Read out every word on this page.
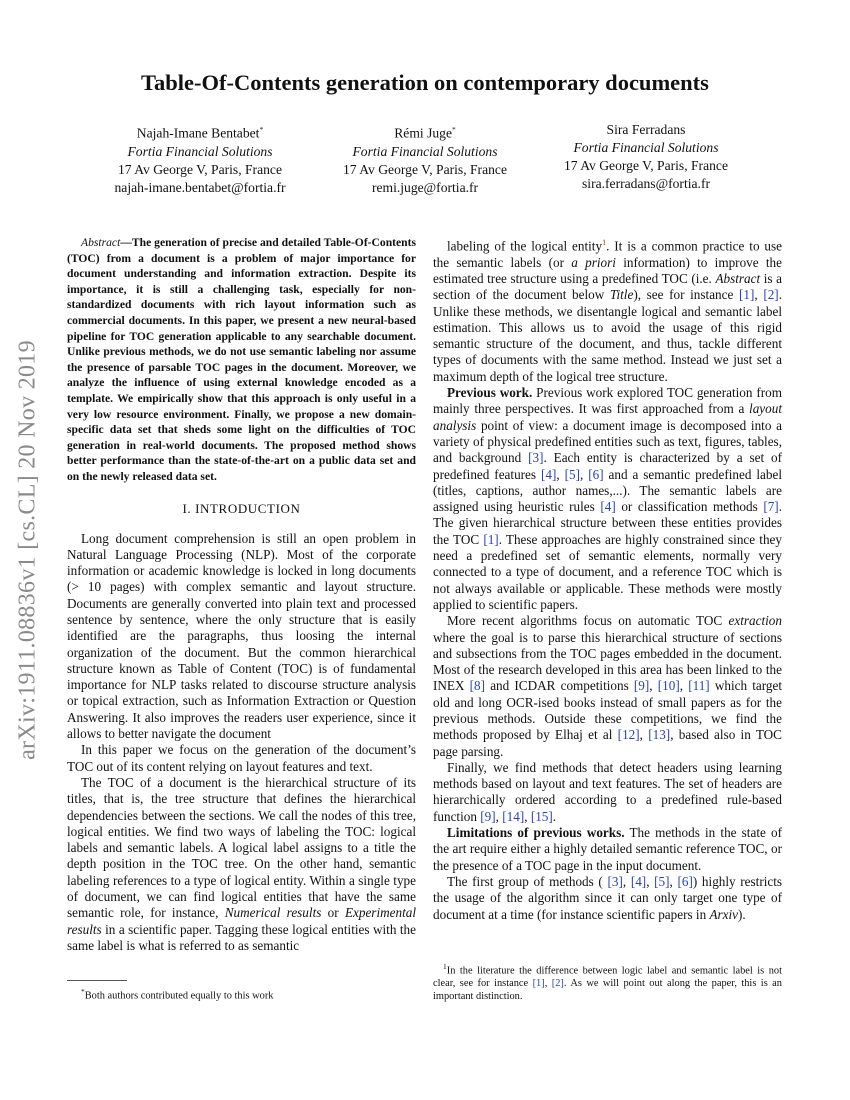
arXiv:1911.08836v1 [cs.CL] 20 Nov 2019
Table-Of-Contents generation on contemporary documents
Najah-Imane Bentabet*
Fortia Financial Solutions
17 Av George V, Paris, France
najah-imane.bentabet@fortia.fr
Rémi Juge*
Fortia Financial Solutions
17 Av George V, Paris, France
remi.juge@fortia.fr
Sira Ferradans
Fortia Financial Solutions
17 Av George V, Paris, France
sira.ferradans@fortia.fr

Abstract—The generation of precise and detailed Table-Of-Contents (TOC) from a document is a problem of major importance for document understanding and information extraction. Despite its importance, it is still a challenging task, especially for non-standardized documents with rich layout information such as commercial documents. In this paper, we present a new neural-based pipeline for TOC generation applicable to any searchable document. Unlike previous methods, we do not use semantic labeling nor assume the presence of parsable TOC pages in the document. Moreover, we analyze the influence of using external knowledge encoded as a template. We empirically show that this approach is only useful in a very low resource environment. Finally, we propose a new domain-specific data set that sheds some light on the difficulties of TOC generation in real-world documents. The proposed method shows better performance than the state-of-the-art on a public data set and on the newly released data set.

I. INTRODUCTION

Long document comprehension is still an open problem in Natural Language Processing (NLP). Most of the corporate information or academic knowledge is locked in long documents (> 10 pages) with complex semantic and layout structure. Documents are generally converted into plain text and processed sentence by sentence, where the only structure that is easily identified are the paragraphs, thus loosing the internal organization of the document. But the common hierarchical structure known as Table of Content (TOC) is of fundamental importance for NLP tasks related to discourse structure analysis or topical extraction, such as Information Extraction or Question Answering. It also improves the readers user experience, since it allows to better navigate the document

In this paper we focus on the generation of the document’s TOC out of its content relying on layout features and text.

The TOC of a document is the hierarchical structure of its titles, that is, the tree structure that defines the hierarchical dependencies between the sections. We call the nodes of this tree, logical entities. We find two ways of labeling the TOC: logical labels and semantic labels. A logical label assigns to a title the depth position in the TOC tree. On the other hand, semantic labeling references to a type of logical entity. Within a single type of document, we can find logical entities that have the same semantic role, for instance, Numerical results or Experimental results in a scientific paper. Tagging these logical entities with the same label is what is referred to as semantic

labeling of the logical entity$^1$. It is a common practice to use the semantic labels (or a priori information) to improve the estimated tree structure using a predefined TOC (i.e. Abstract is a section of the document below Title), see for instance [1], [2]. Unlike these methods, we disentangle logical and semantic label estimation. This allows us to avoid the usage of this rigid semantic structure of the document, and thus, tackle different types of documents with the same method. Instead we just set a maximum depth of the logical tree structure.

Previous work. Previous work explored TOC generation from mainly three perspectives. It was first approached from a layout analysis point of view: a document image is decomposed into a variety of physical predefined entities such as text, figures, tables, and background [3]. Each entity is characterized by a set of predefined features [4], [5], [6] and a semantic predefined label (titles, captions, author names,...). The semantic labels are assigned using heuristic rules [4] or classification methods [7]. The given hierarchical structure between these entities provides the TOC [1]. These approaches are highly constrained since they need a predefined set of semantic elements, normally very connected to a type of document, and a reference TOC which is not always available or applicable. These methods were mostly applied to scientific papers.

More recent algorithms focus on automatic TOC extraction where the goal is to parse this hierarchical structure of sections and subsections from the TOC pages embedded in the document. Most of the research developed in this area has been linked to the INEX [8] and ICDAR competitions [9], [10], [11] which target old and long OCR-ised books instead of small papers as for the previous methods. Outside these competitions, we find the methods proposed by Elhaj et al [12], [13], based also in TOC page parsing.

Finally, we find methods that detect headers using learning methods based on layout and text features. The set of headers are hierarchically ordered according to a predefined rule-based function [9], [14], [15].

Limitations of previous works. The methods in the state of the art require either a highly detailed semantic reference TOC, or the presence of a TOC page in the input document.

The first group of methods ( [3], [4], [5], [6]) highly restricts the usage of the algorithm since it can only target one type of document at a time (for instance scientific papers in Arxiv).

*Both authors contributed equally to this work
$^1$In the literature the difference between logic label and semantic label is not clear, see for instance [1], [2]. As we will point out along the paper, this is an important distinction.
